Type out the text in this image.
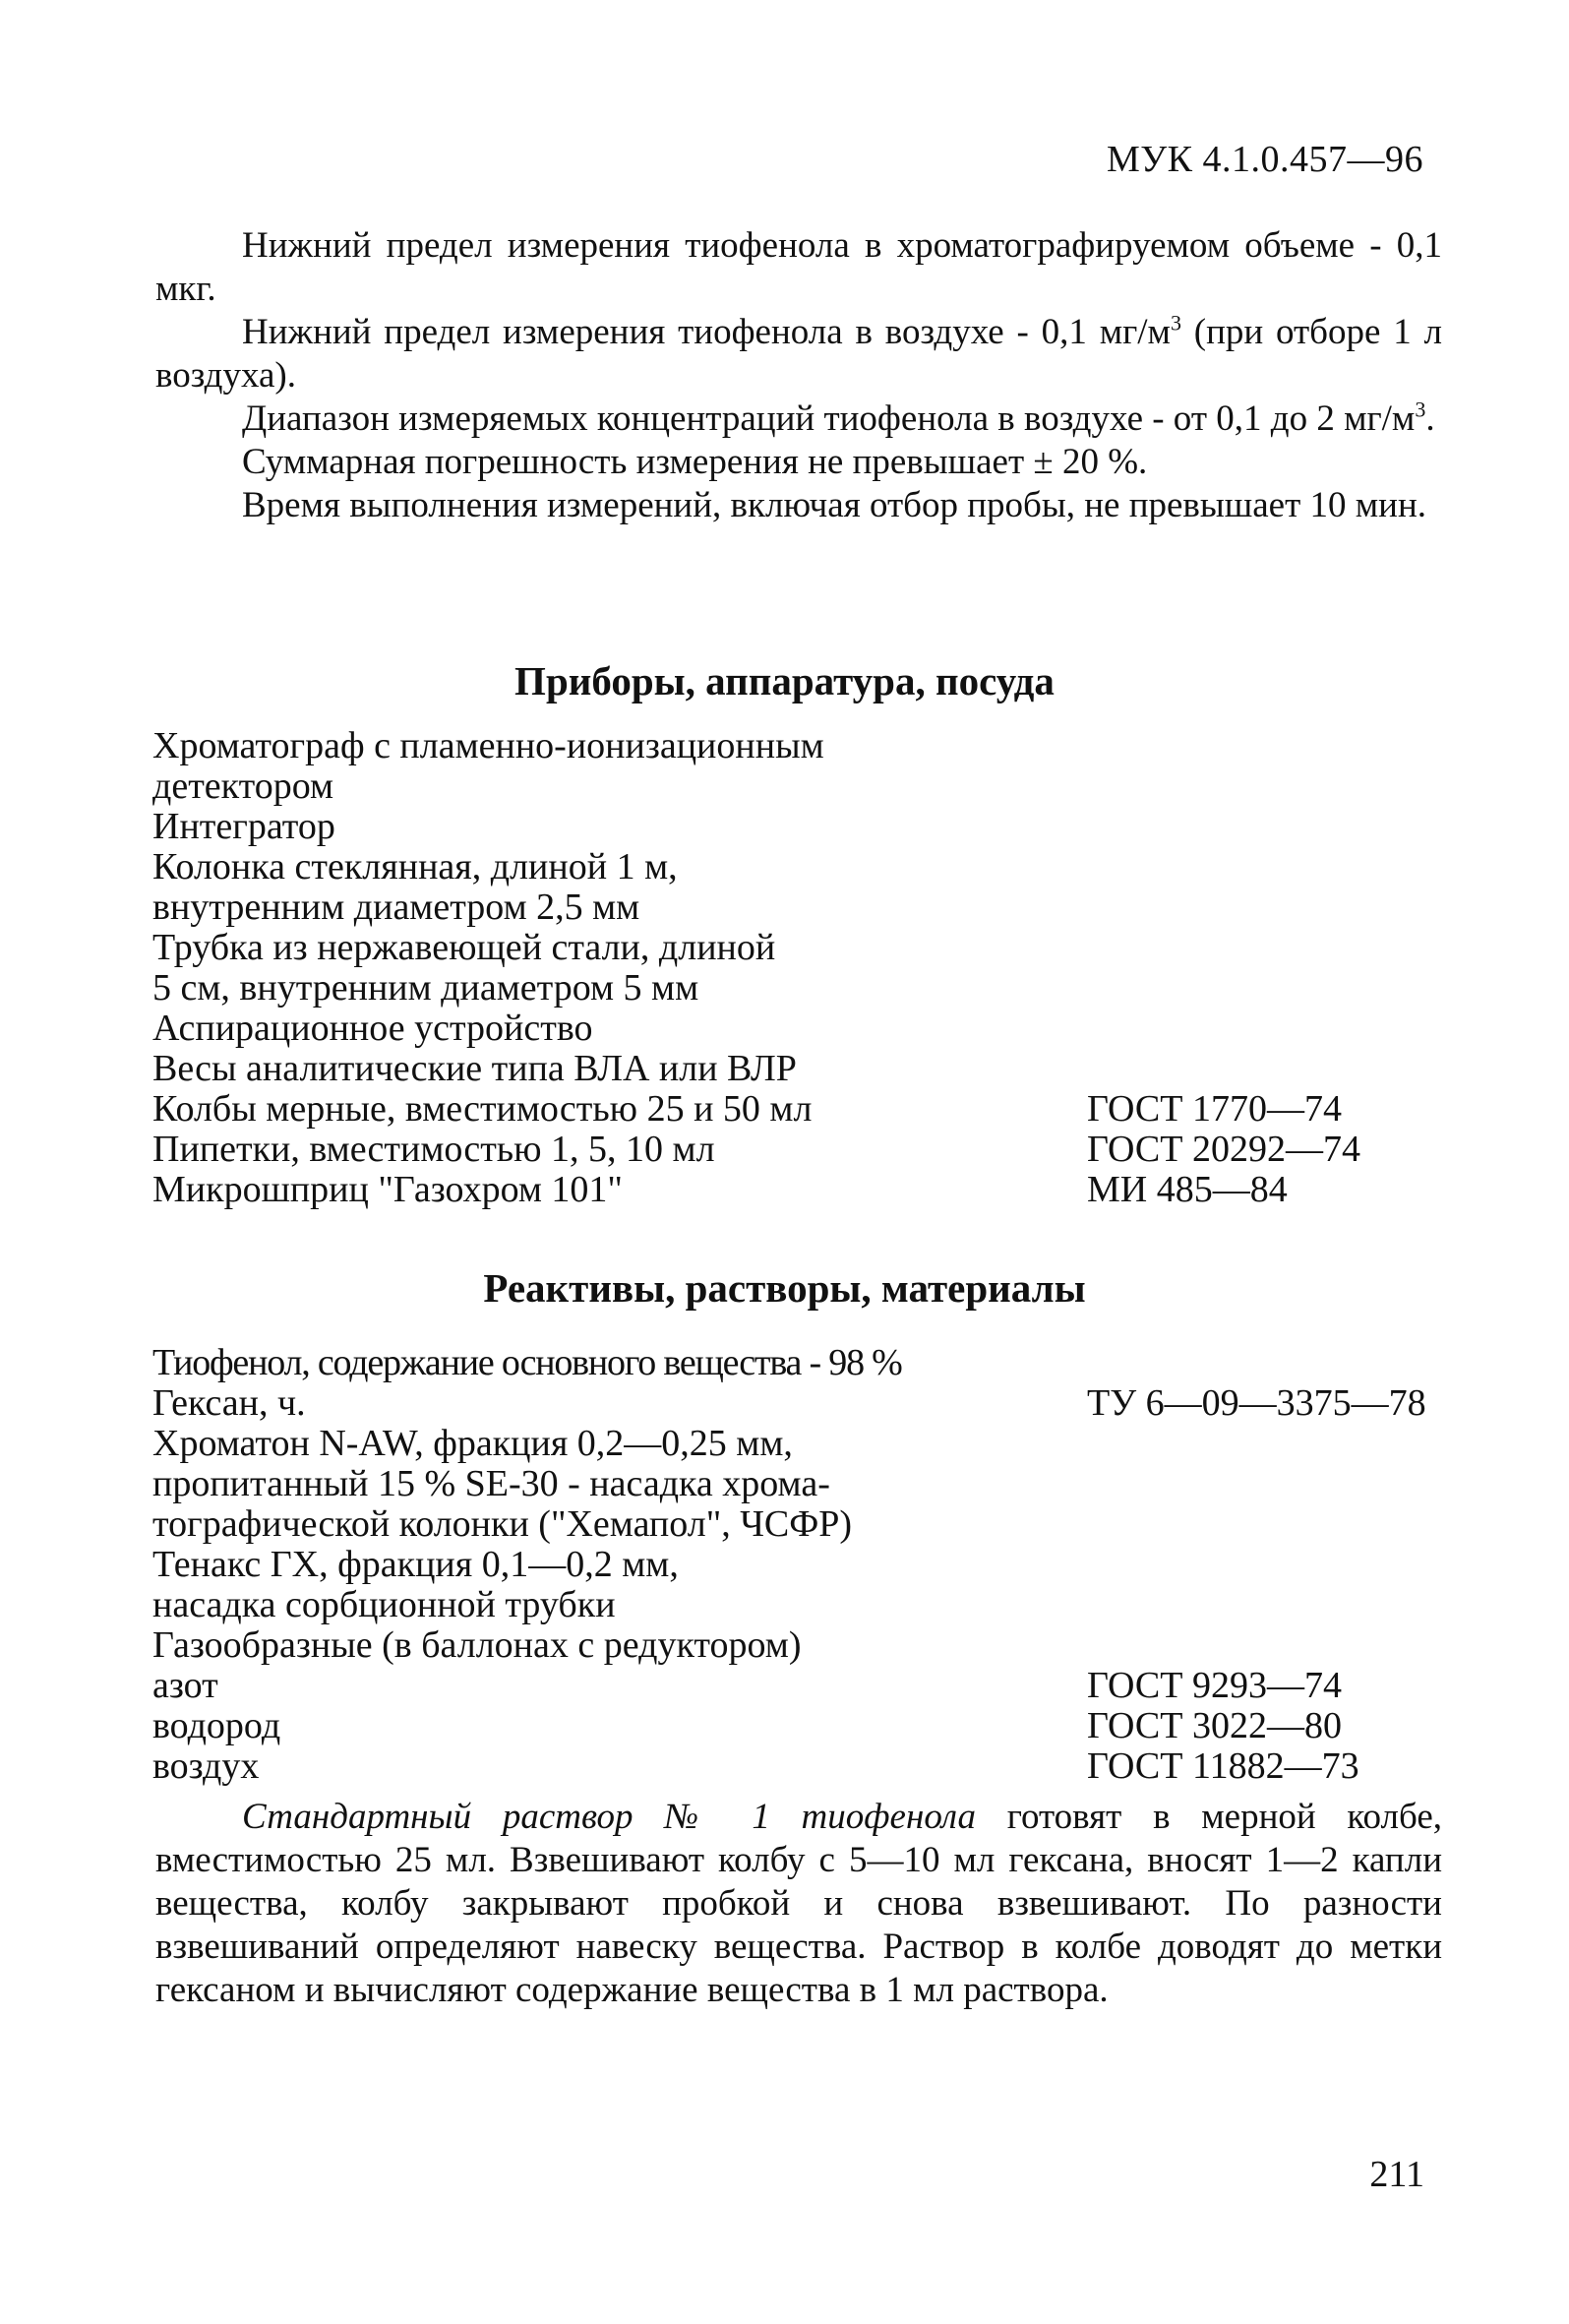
МУК 4.1.0.457—96

Нижний предел измерения тиофенола в хроматографируемом объеме - 0,1 мкг.

Нижний предел измерения тиофенола в воздухе - 0,1 $мг/м^3$ (при отборе 1 л воздуха).

Диапазон измеряемых концентраций тиофенола в воздухе - от 0,1 до 2 $мг/м^3$.

Суммарная погрешность измерения не превышает ± 20 %.

Время выполнения измерений, включая отбор пробы, не превышает 10 мин.

Приборы, аппаратура, посуда
Хроматограф с пламенно-ионизационным
детектором
Интегратор
Колонка стеклянная, длиной 1 м,
внутренним диаметром 2,5 мм
Трубка из нержавеющей стали, длиной
5 см, внутренним диаметром 5 мм
Аспирационное устройство
Весы аналитические типа ВЛА или ВЛР
Колбы мерные, вместимостью 25 и 50 мл	ГОСТ 1770—74
Пипетки, вместимостью 1, 5, 10 мл	ГОСТ 20292—74
Микрошприц "Газохром 101"	МИ 485—84
Реактивы, растворы, материалы
Тиофенол, содержание основного вещества - 98 %
Гексан, ч.	ТУ 6—09—3375—78
Хроматон N-AW, фракция 0,2—0,25 мм,
пропитанный 15 % SE-30 - насадка хрома-
тографической колонки ("Хемапол", ЧСФР)
Тенакс ГХ, фракция 0,1—0,2 мм,
насадка сорбционной трубки
Газообразные (в баллонах с редуктором)
азот	ГОСТ 9293—74
водород	ГОСТ 3022—80
воздух	ГОСТ 11882—73

Стандартный раствор № 1 тиофенола готовят в мерной колбе, вместимостью 25 мл. Взвешивают колбу с 5—10 мл гексана, вносят 1—2 капли вещества, колбу закрывают пробкой и снова взвешивают. По разности взвешиваний определяют навеску вещества. Раствор в колбе доводят до метки гексаном и вычисляют содержание вещества в 1 мл раствора.

211
